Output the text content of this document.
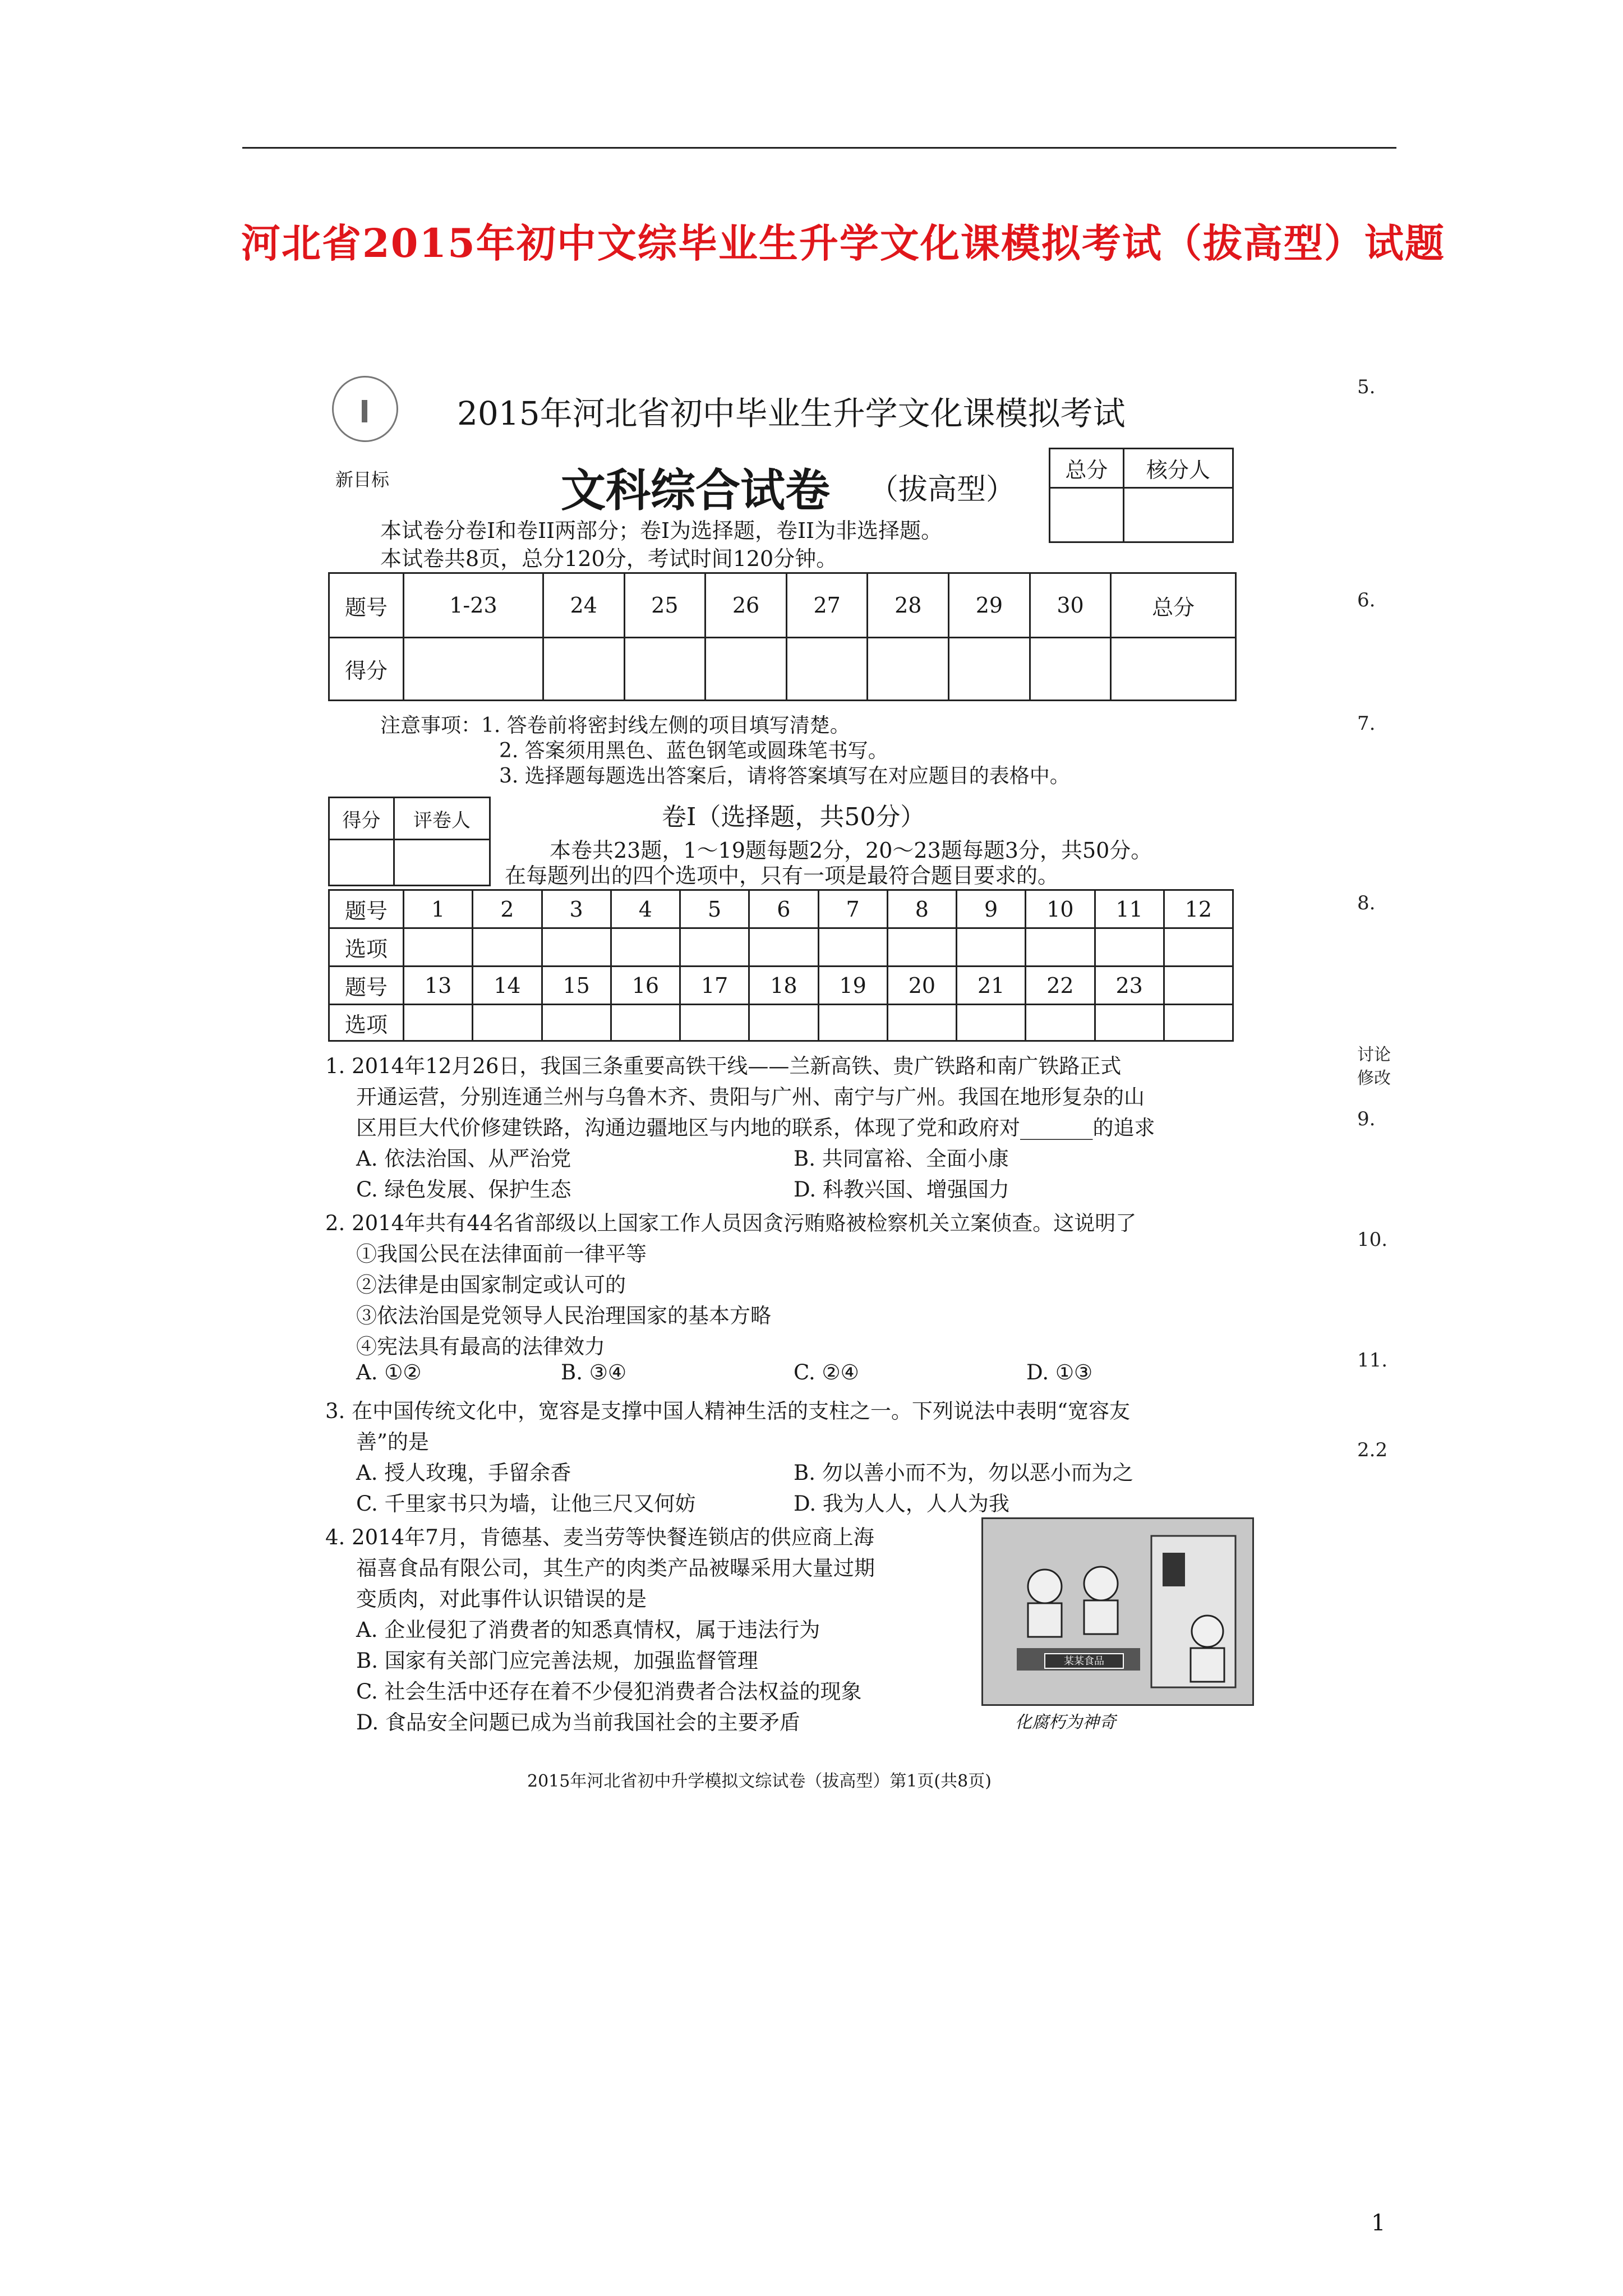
河北省2015年初中文综毕业生升学文化课模拟考试（拔高型）试题
新目标
2015年河北省初中毕业生升学文化课模拟考试
文科综合试卷 （拔高型）
总分	核分人

本试卷分卷I和卷II两部分；卷I为选择题，卷II为非选择题。
本试卷共8页，总分120分，考试时间120分钟。
题号	1-23	24	25	26	27	28	29	30	总分
得分									
注意事项：1. 答卷前将密封线左侧的项目填写清楚。
2. 答案须用黑色、蓝色钢笔或圆珠笔书写。
3. 选择题每题选出答案后，请将答案填写在对应题目的表格中。
得分	评卷人
		卷Ⅰ（选择题，共50分）
本卷共23题，1～19题每题2分，20～23题每题3分，共50分。
在每题列出的四个选项中，只有一项是最符合题目要求的。
题号	1	2	3	4	5	6	7	8	9	10	11	12
选项												
题号	13	14	15	16	17	18	19	20	21	22	23	
选项												
1. 2014年12月26日，我国三条重要高铁干线——兰新高铁、贵广铁路和南广铁路正式
开通运营，分别连通兰州与乌鲁木齐、贵阳与广州、南宁与广州。我国在地形复杂的山
区用巨大代价修建铁路，沟通边疆地区与内地的联系，体现了党和政府对_______的追求
A. 依法治国、从严治党	B. 共同富裕、全面小康
C. 绿色发展、保护生态	D. 科教兴国、增强国力
2. 2014年共有44名省部级以上国家工作人员因贪污贿赂被检察机关立案侦查。这说明了
①我国公民在法律面前一律平等
②法律是由国家制定或认可的
③依法治国是党领导人民治理国家的基本方略
④宪法具有最高的法律效力
A. ①②	B. ③④	C. ②④	D. ①③
3. 在中国传统文化中，宽容是支撑中国人精神生活的支柱之一。下列说法中表明“宽容友
善”的是
A. 授人玫瑰，手留余香	B. 勿以善小而不为，勿以恶小而为之
C. 千里家书只为墙，让他三尺又何妨	D. 我为人人，人人为我
4. 2014年7月，肯德基、麦当劳等快餐连锁店的供应商上海
福喜食品有限公司，其生产的肉类产品被曝采用大量过期
变质肉，对此事件认识错误的是
A. 企业侵犯了消费者的知悉真情权，属于违法行为
B. 国家有关部门应完善法规，加强监督管理
C. 社会生活中还存在着不少侵犯消费者合法权益的现象
D. 食品安全问题已成为当前我国社会的主要矛盾
某某食品
化腐朽为神奇
2015年河北省初中升学模拟文综试卷（拔高型）第1页(共8页)
5.
6.
7.
8.
讨论
修改
9.
10.
11.
2.2
1
